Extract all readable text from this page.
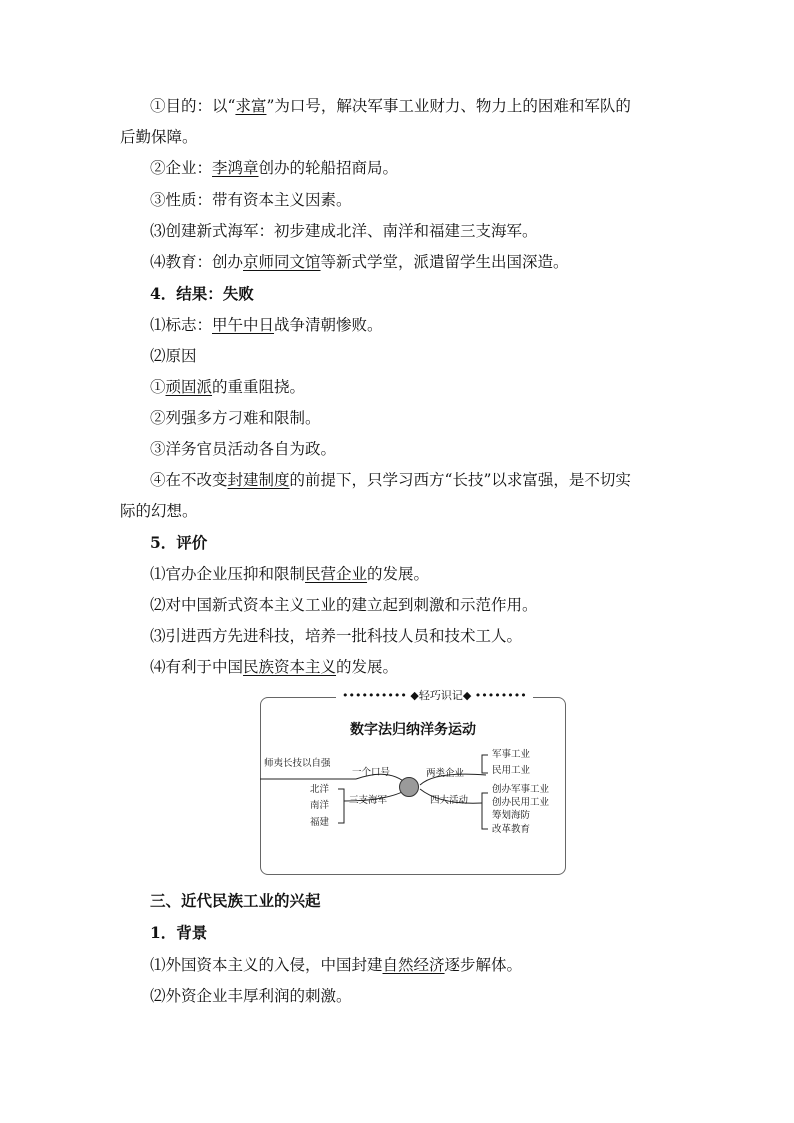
①目的：以“求富”为口号，解决军事工业财力、物力上的困难和军队的
后勤保障。
②企业：李鸿章创办的轮船招商局。
③性质：带有资本主义因素。
⑶创建新式海军：初步建成北洋、南洋和福建三支海军。
⑷教育：创办京师同文馆等新式学堂，派遣留学生出国深造。
4．结果：失败
⑴标志：甲午中日战争清朝惨败。
⑵原因
①顽固派的重重阻挠。
②列强多方刁难和限制。
③洋务官员活动各自为政。
④在不改变封建制度的前提下，只学习西方“长技”以求富强，是不切实
际的幻想。
5．评价
⑴官办企业压抑和限制民营企业的发展。
⑵对中国新式资本主义工业的建立起到刺激和示范作用。
⑶引进西方先进科技，培养一批科技人员和技术工人。
⑷有利于中国民族资本主义的发展。
•••••••••• ◆轻巧识记◆ ••••••••
数字法归纳洋务运动
师夷长技以自强
一个口号	两类企业
三支海军	四大活动
北洋
南洋
福建
军事工业
民用工业
创办军事工业
创办民用工业
筹划海防
改革教育
三、近代民族工业的兴起
1．背景
⑴外国资本主义的入侵，中国封建自然经济逐步解体。
⑵外资企业丰厚利润的刺激。
